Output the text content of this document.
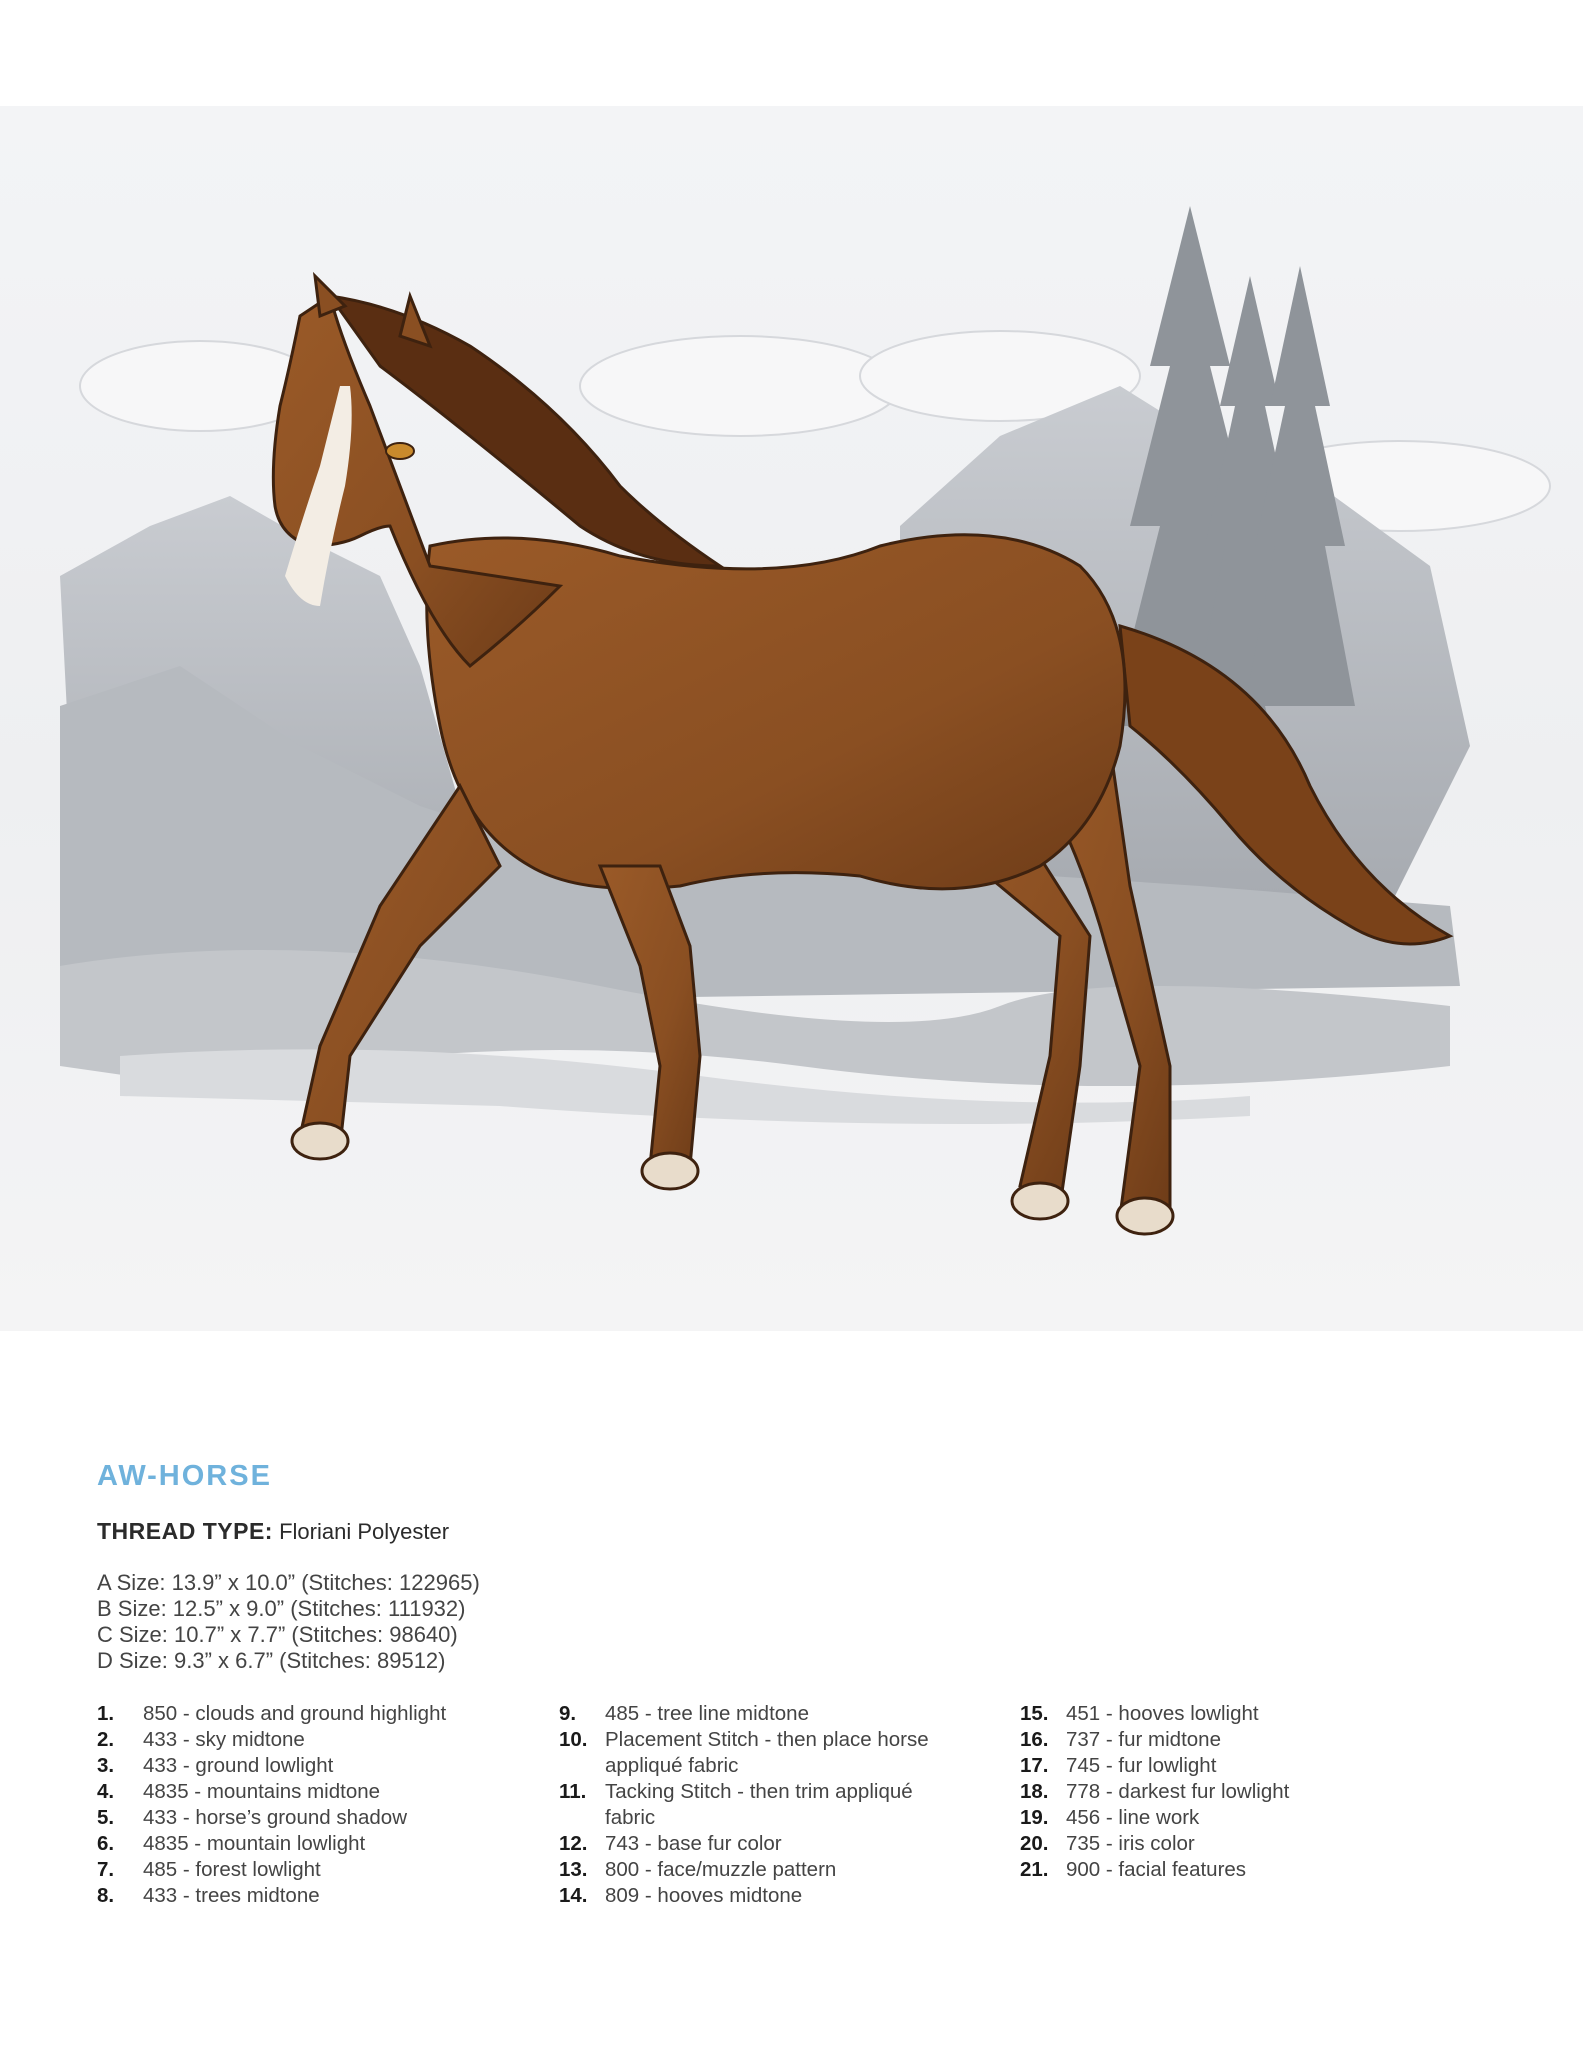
AW-HORSE
THREAD TYPE: Floriani Polyester
A Size: 13.9” x 10.0” (Stitches: 122965)
B Size: 12.5” x 9.0” (Stitches: 111932)
C Size: 10.7” x 7.7” (Stitches: 98640)
D Size: 9.3” x 6.7” (Stitches: 89512)
1.	850 - clouds and ground highlight
2.	433 - sky midtone
3.	433 - ground lowlight
4.	4835 - mountains midtone
5.	433 - horse’s ground shadow
6.	4835 - mountain lowlight
7.	485 - forest lowlight
8.	433 - trees midtone
9.	485 - tree line midtone
10. Placement Stitch - then place horse
appliqué fabric
11. Tacking Stitch - then trim appliqué
fabric
12. 743 - base fur color
13. 800 - face/muzzle pattern
14. 809 - hooves midtone
15. 451 - hooves lowlight
16. 737 - fur midtone
17. 745 - fur lowlight
18. 778 - darkest fur lowlight
19. 456 - line work
20. 735 - iris color
21. 900 - facial features
